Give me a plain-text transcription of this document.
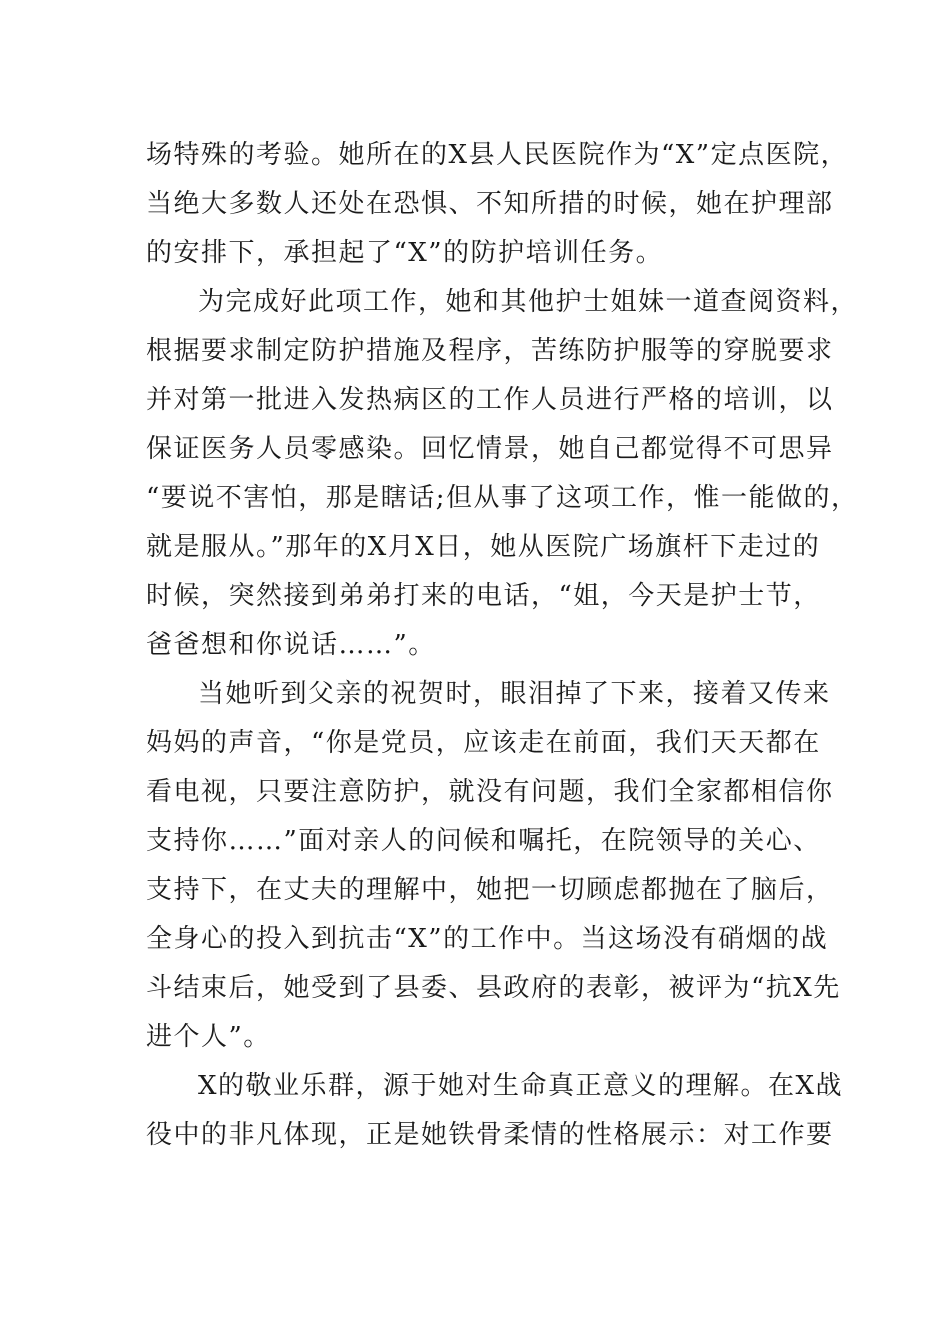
场特殊的考验。她所在的X县人民医院作为“X”定点医院，
当绝大多数人还处在恐惧、不知所措的时候，她在护理部
的安排下，承担起了“X”的防护培训任务。
为完成好此项工作，她和其他护士姐妹一道查阅资料，
根据要求制定防护措施及程序，苦练防护服等的穿脱要求
并对第一批进入发热病区的工作人员进行严格的培训，以
保证医务人员零感染。回忆情景，她自己都觉得不可思异
“要说不害怕，那是瞎话;但从事了这项工作，惟一能做的，
就是服从。”那年的X月X日，她从医院广场旗杆下走过的
时候，突然接到弟弟打来的电话，“姐，今天是护士节，
爸爸想和你说话……”。
当她听到父亲的祝贺时，眼泪掉了下来，接着又传来
妈妈的声音，“你是党员，应该走在前面，我们天天都在
看电视，只要注意防护，就没有问题，我们全家都相信你
支持你……”面对亲人的问候和嘱托，在院领导的关心、
支持下，在丈夫的理解中，她把一切顾虑都抛在了脑后，
全身心的投入到抗击“X”的工作中。当这场没有硝烟的战
斗结束后，她受到了县委、县政府的表彰，被评为“抗X先
进个人”。
X的敬业乐群，源于她对生命真正意义的理解。在X战
役中的非凡体现，正是她铁骨柔情的性格展示：对工作要
